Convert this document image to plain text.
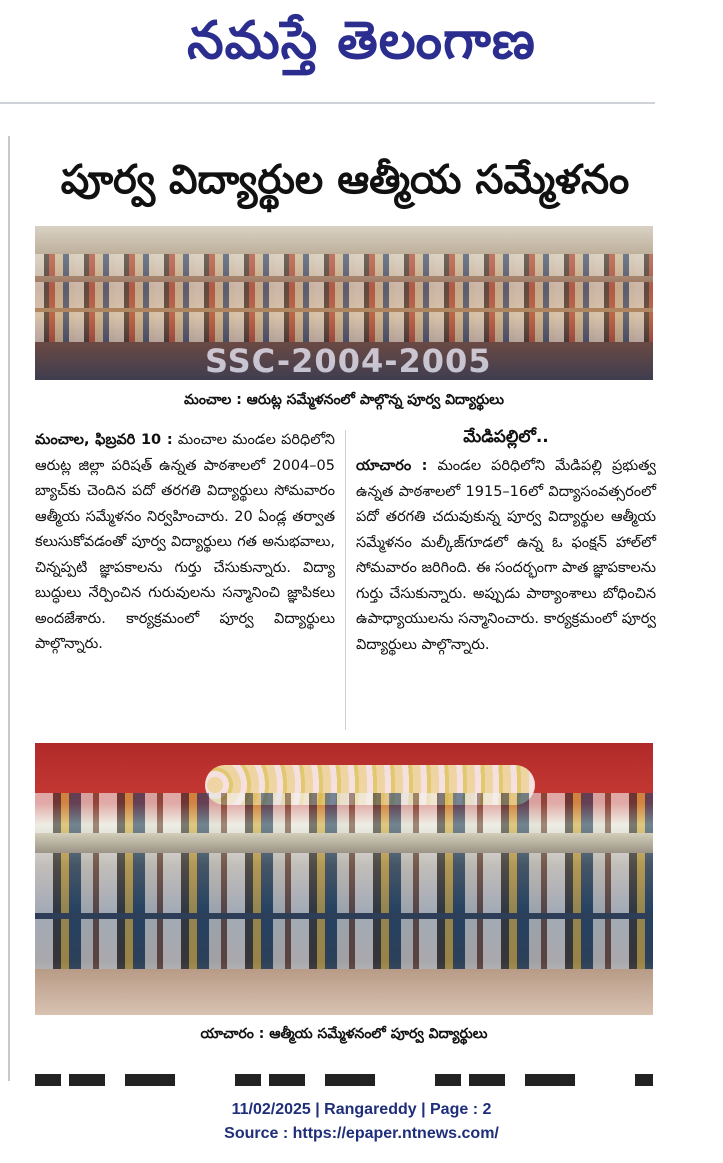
నమస్తే తెలంగాణ
పూర్వ విద్యార్థుల ఆత్మీయ సమ్మేళనం
SSC-2004-2005
మంచాల : ఆరుట్ల సమ్మేళనంలో పాల్గొన్న పూర్వ విద్యార్థులు
మంచాల, ఫిబ్రవరి 10 : మంచాల మండల పరిధిలోని ఆరుట్ల జిల్లా పరిషత్ ఉన్నత పాఠశాలలో 2004–05 బ్యాచ్‌కు చెందిన పదో తరగతి విద్యార్థులు సోమవారం ఆత్మీయ సమ్మేళనం నిర్వహించారు. 20 ఏండ్ల తర్వాత కలుసుకోవడంతో పూర్వ విద్యార్థులు గత అనుభవాలు, చిన్నప్పటి జ్ఞాపకాలను గుర్తు చేసుకున్నారు. విద్యా బుద్ధులు నేర్పించిన గురువులను సన్మానించి జ్ఞాపికలు అందజేశారు. కార్యక్రమంలో పూర్వ విద్యార్థులు పాల్గొన్నారు.
మేడిపల్లిలో..
యాచారం : మండల పరిధిలోని మేడిపల్లి ప్రభుత్వ ఉన్నత పాఠశాలలో 1915–16లో విద్యాసంవత్సరంలో పదో తరగతి చదువుకున్న పూర్వ విద్యార్థుల ఆత్మీయ సమ్మేళనం మల్కీజ్‌గూడలో ఉన్న ఓ ఫంక్షన్ హాల్‌లో సోమవారం జరిగింది. ఈ సందర్భంగా పాత జ్ఞాపకాలను గుర్తు చేసుకున్నారు. అప్పుడు పాఠ్యాంశాలు బోధించిన ఉపాధ్యాయులను సన్మానించారు. కార్యక్రమంలో పూర్వ విద్యార్థులు పాల్గొన్నారు.
యాచారం : ఆత్మీయ సమ్మేళనంలో పూర్వ విద్యార్థులు
11/02/2025 | Rangareddy | Page : 2
Source : https://epaper.ntnews.com/
